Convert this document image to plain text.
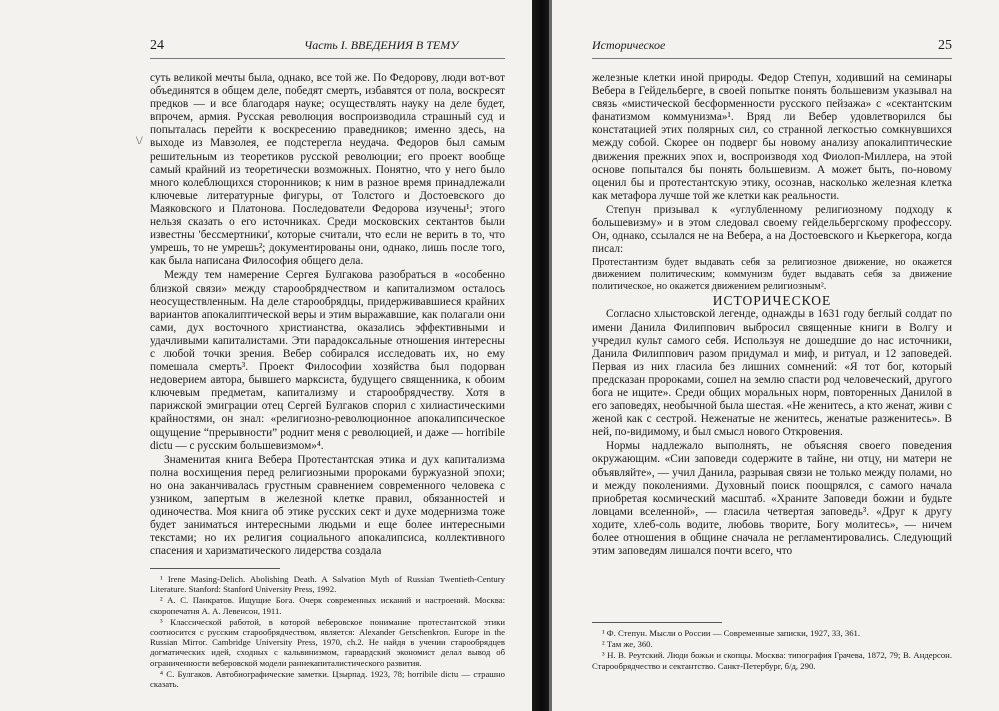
24	Часть I. ВВЕДЕНИЯ В ТЕМУ
\/

суть великой мечты была, однако, все той же. По Федорову, люди вот-вот объединятся в общем деле, победят смерть, избавятся от пола, воскресят предков — и все благодаря науке; осуществлять науку на деле будет, впрочем, армия. Русская революция воспроизводила страшный суд и попыталась перейти к воскресению праведников; именно здесь, на выходе из Мавзолея, ее подстерегла неудача. Федоров был самым решительным из теоретиков русской революции; его проект вообще самый крайний из теоретически возможных. Понятно, что у него было много колеблющихся сторонников; к ним в разное время принадлежали ключевые литературные фигуры, от Толстого и Достоевского до Маяковского и Платонова. Последователи Федорова изучены¹; этого нельзя сказать о его источниках. Среди московских сектантов были известны 'бессмертники', которые считали, что если не верить в то, что умрешь, то не умрешь²; документированы они, однако, лишь после того, как была написана Философия общего дела.

Между тем намерение Сергея Булгакова разобраться в «особенно близкой связи» между старообрядчеством и капитализмом осталось неосуществленным. На деле старообрядцы, придерживавшиеся крайних вариантов апокалиптической веры и этим выражавшие, как полагали они сами, дух восточного христианства, оказались эффективными и удачливыми капиталистами. Эти парадоксальные отношения интересны с любой точки зрения. Вебер собирался исследовать их, но ему помешала смерть³. Проект Философии хозяйства был подорван недоверием автора, бывшего марксиста, будущего священника, к обоим ключевым предметам, капитализму и старообрядчеству. Хотя в парижской эмиграции отец Сергей Булгаков спорил с хилиастическими крайностями, он знал: «религиозно-революционное апокалипсическое ощущение “прерывности” роднит меня с революцией, и даже — horribile dictu — с русским большевизмом»⁴.

Знаменитая книга Вебера Протестантская этика и дух капитализма полна восхищения перед религиозными пророками буржуазной эпохи; но она заканчивалась грустным сравнением современного человека с узником, запертым в железной клетке правил, обязанностей и одиночества. Моя книга об этике русских сект и духе модернизма тоже будет заниматься интересными людьми и еще более интересными текстами; но их религия социального апокалипсиса, коллективного спасения и харизматического лидерства создала

¹ Irene Masing-Delich. Abolishing Death. A Salvation Myth of Russian Twentieth-Century Literature. Stanford: Stanford University Press, 1992.

² А. С. Панкратов. Ищущие Бога. Очерк современных исканий и настроений. Москва: скоропечатня А. А. Левенсон, 1911.

³ Классической работой, в которой веберовское понимание протестантской этики соотносится с русским старообрядчеством, является: Alexander Gerschenkron. Europe in the Russian Mirror. Cambridge University Press, 1970, ch.2. Не найдя в учении старообрядцев догматических идей, сходных с кальвинизмом, гарвардский экономист делал вывод об ограниченности веберовской модели раннекапиталистического развития.

⁴ С. Булгаков. Автобиографические заметки. Цзырпад. 1923, 78; horribile dictu — страшно сказать.

Историческое	25

железные клетки иной природы. Федор Степун, ходивший на семинары Вебера в Гейдельберге, в своей попытке понять большевизм указывал на связь «мистической бесформенности русского пейзажа» с «сектантским фанатизмом коммунизма»¹. Вряд ли Вебер удовлетворился бы констатацией этих полярных сил, со странной легкостью сомкнувшихся между собой. Скорее он подверг бы новому анализу апокалиптические движения прежних эпох и, воспроизводя ход Фиолоп-Миллера, на этой основе попытался бы понять большевизм. А может быть, по-новому оценил бы и протестантскую этику, осознав, насколько железная клетка как метафора лучше той же клетки как реальности.

Степун призывал к «углубленному религиозному подходу к большевизму» и в этом следовал своему гейдельбергскому профессору. Он, однако, ссылался не на Вебера, а на Достоевского и Кьеркегора, когда писал:

Протестантизм будет выдавать себя за религиозное движение, но окажется движением политическим; коммунизм будет выдавать себя за движение политическое, но окажется движением религиозным².

ИСТОРИЧЕСКОЕ

Согласно хлыстовской легенде, однажды в 1631 году беглый солдат по имени Данила Филиппович выбросил священные книги в Волгу и учредил культ самого себя. Используя не дошедшие до нас источники, Данила Филиппович разом придумал и миф, и ритуал, и 12 заповедей. Первая из них гласила без лишних сомнений: «Я тот бог, который предсказан пророками, сошел на землю спасти род человеческий, другого бога не ищите». Среди общих моральных норм, повторенных Данилой в его заповедях, необычной была шестая. «Не женитесь, а кто женат, живи с женой как с сестрой. Неженатые не женитесь, женатые разженитесь». В ней, по-видимому, и был смысл нового Откровения.

Нормы надлежало выполнять, не объясняя своего поведения окружающим. «Сии заповеди содержите в тайне, ни отцу, ни матери не объявляйте», — учил Данила, разрывая связи не только между полами, но и между поколениями. Духовный поиск поощрялся, с самого начала приобретая космический масштаб. «Храните Заповеди божии и будьте ловцами вселенной», — гласила четвертая заповедь³. «Друг к другу ходите, хлеб-соль водите, любовь творите, Богу молитесь», — ничем более отношения в общине сначала не регламентировались. Следующий этим заповедям лишался почти всего, что

¹ Ф. Степун. Мысли о России — Современные записки, 1927, 33, 361.

² Там же, 360.

³ Н. В. Реутский. Люди божьи и скопцы. Москва: типография Грачева, 1872, 79; В. Андерсон. Старообрядчество и сектантство. Санкт-Петербург, б/д, 290.
